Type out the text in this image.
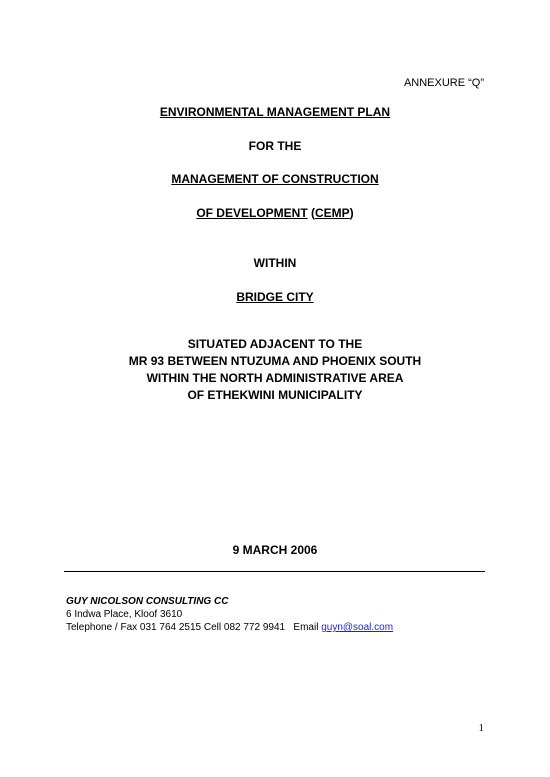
ANNEXURE “Q”
ENVIRONMENTAL MANAGEMENT PLAN
FOR THE
MANAGEMENT OF CONSTRUCTION
OF DEVELOPMENT (CEMP)
WITHIN
BRIDGE CITY
SITUATED ADJACENT TO THE
MR 93 BETWEEN NTUZUMA AND PHOENIX SOUTH
WITHIN THE NORTH ADMINISTRATIVE AREA
OF ETHEKWINI MUNICIPALITY
9 MARCH 2006
GUY NICOLSON CONSULTING CC
6 Indwa Place, Kloof 3610
Telephone / Fax 031 764 2515 Cell 082 772 9941 Email guyn@soal.com
1
